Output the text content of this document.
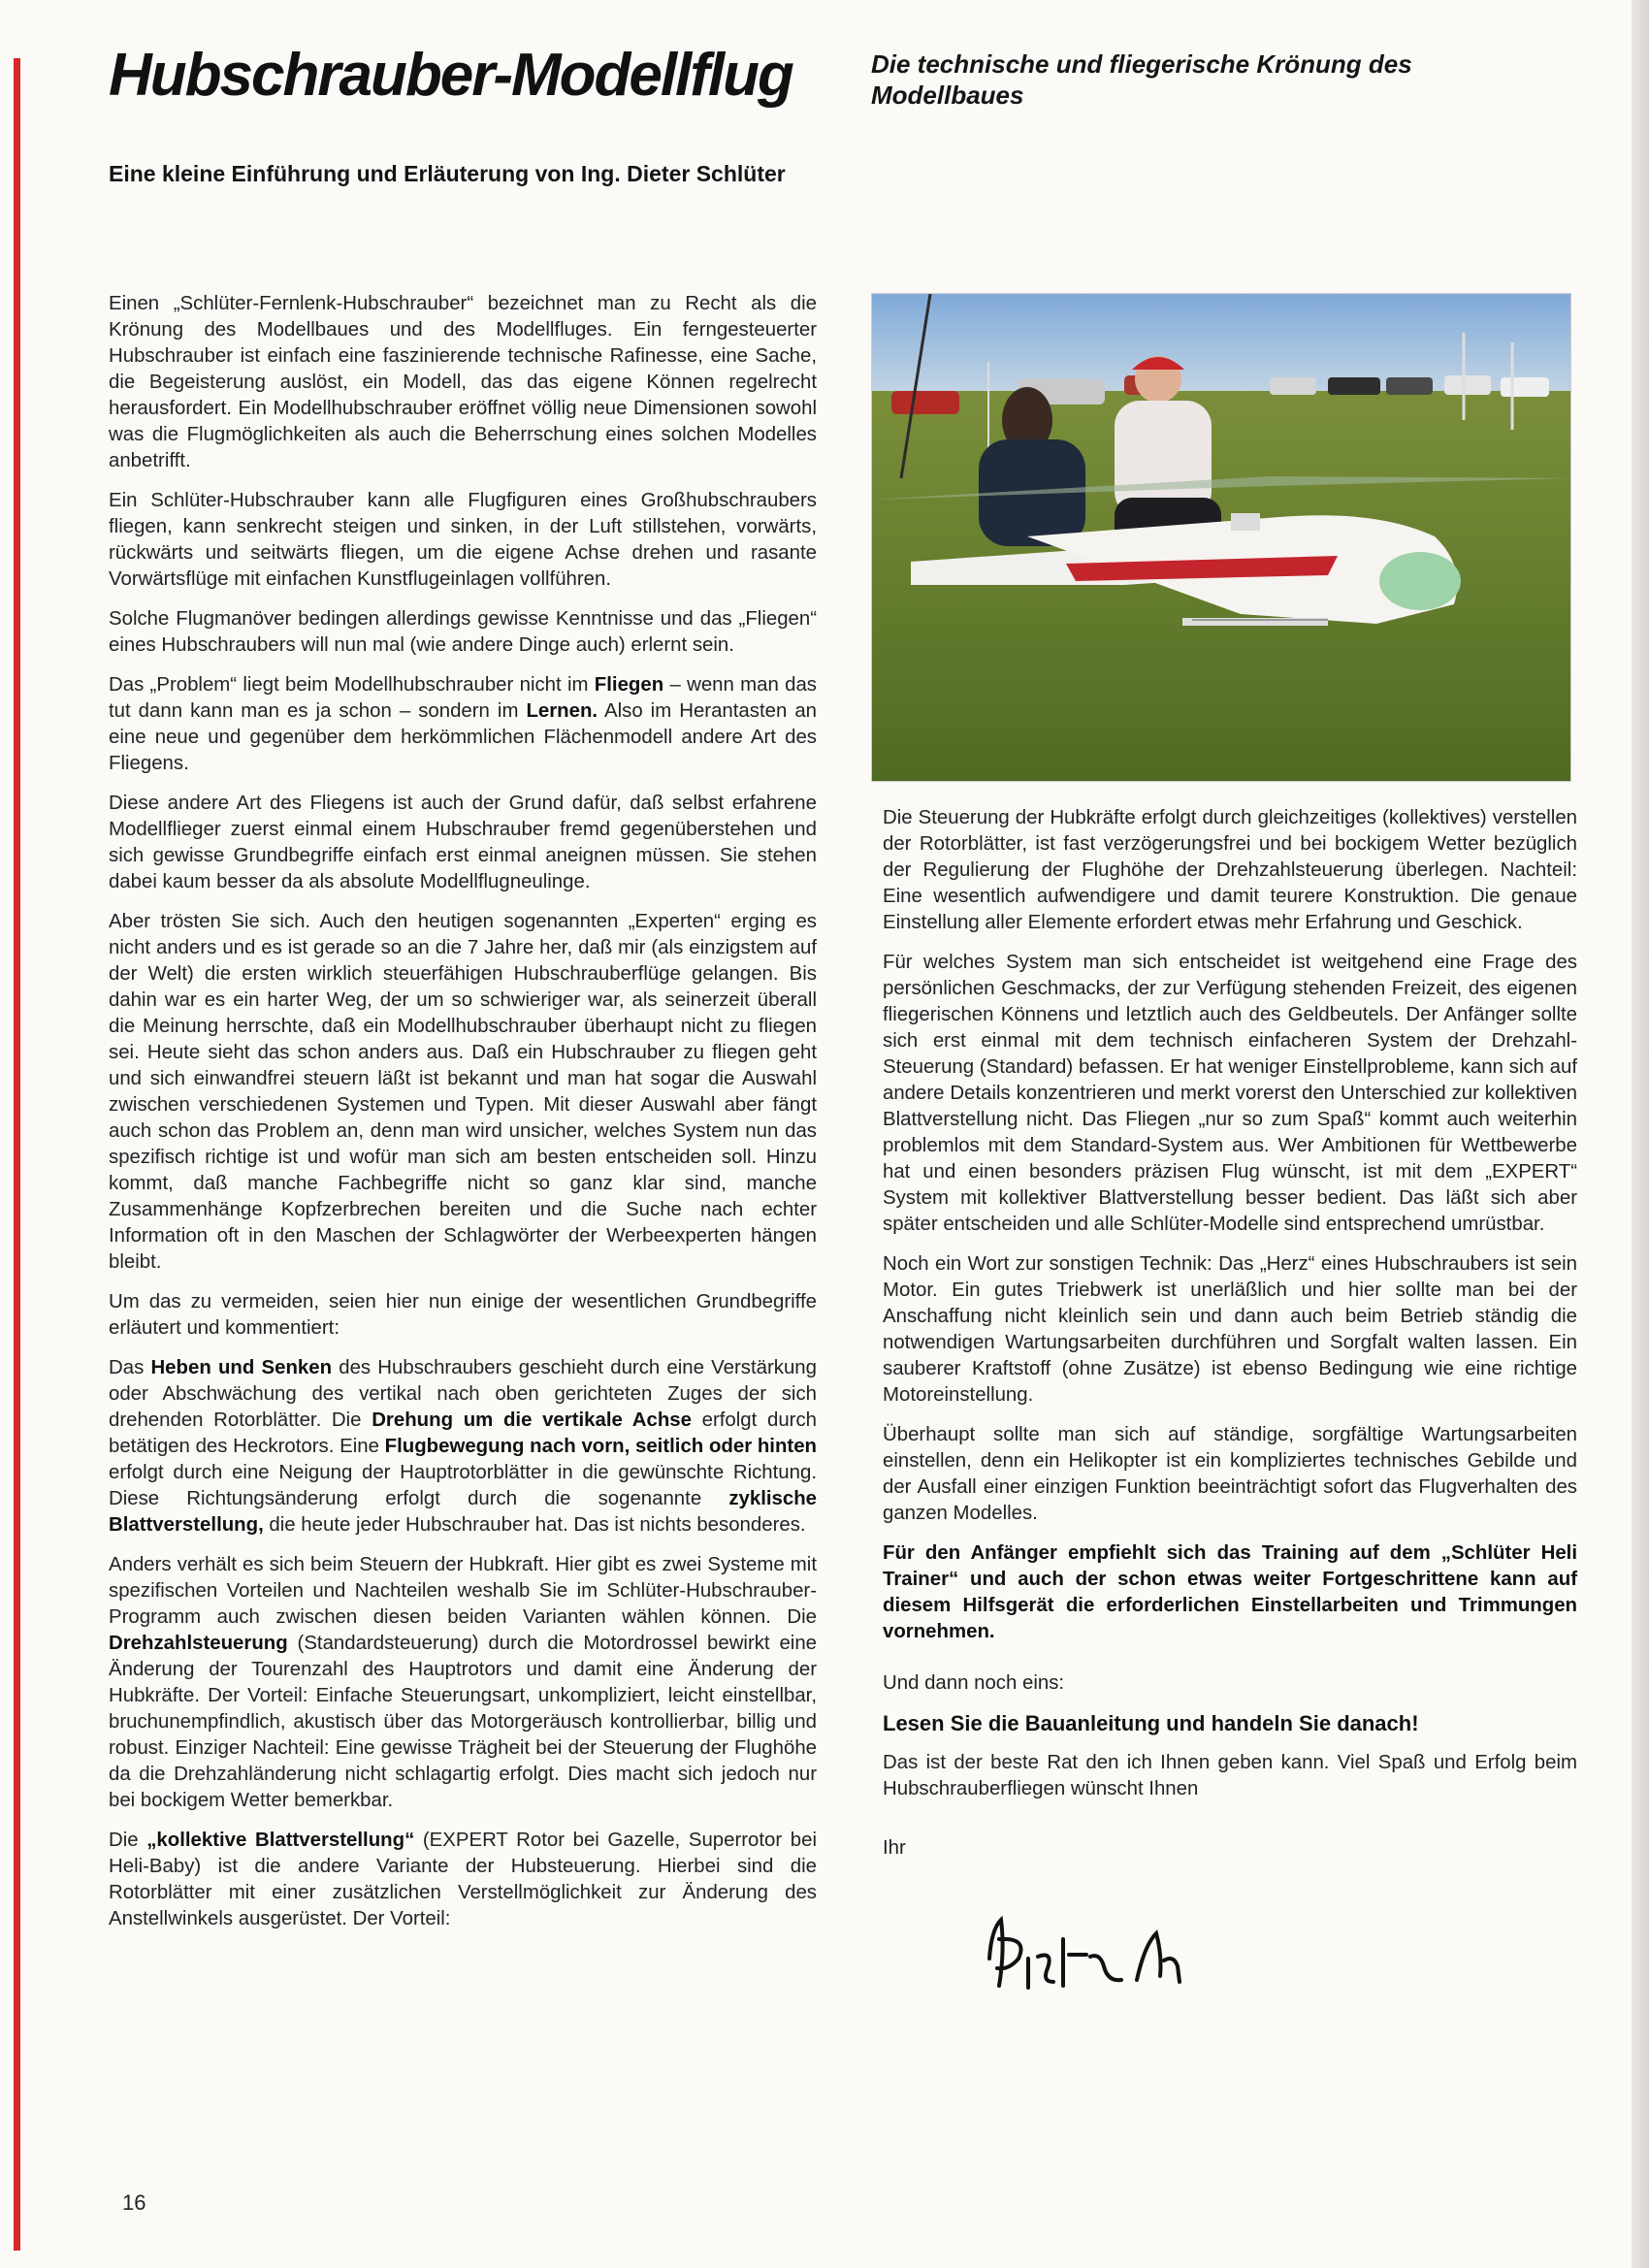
Hubschrauber-Modellflug	Die technische und fliegerische Krönung des Modellbaues
Eine kleine Einführung und Erläuterung von Ing. Dieter Schlüter

Einen „Schlüter-Fernlenk-Hubschrauber“ bezeichnet man zu Recht als die Krönung des Modellbaues und des Modellfluges. Ein ferngesteuerter Hubschrauber ist einfach eine faszinierende technische Rafinesse, eine Sache, die Begeisterung auslöst, ein Modell, das das eigene Können regelrecht herausfordert. Ein Modellhubschrauber eröffnet völlig neue Dimensionen sowohl was die Flugmöglichkeiten als auch die Beherrschung eines solchen Modelles anbetrifft.

Ein Schlüter-Hubschrauber kann alle Flugfiguren eines Großhubschraubers fliegen, kann senkrecht steigen und sinken, in der Luft stillstehen, vorwärts, rückwärts und seitwärts fliegen, um die eigene Achse drehen und rasante Vorwärtsflüge mit einfachen Kunstflugeinlagen vollführen.

Solche Flugmanöver bedingen allerdings gewisse Kenntnisse und das „Fliegen“ eines Hubschraubers will nun mal (wie andere Dinge auch) erlernt sein.

Das „Problem“ liegt beim Modellhubschrauber nicht im Fliegen – wenn man das tut dann kann man es ja schon – sondern im Lernen. Also im Herantasten an eine neue und gegenüber dem herkömmlichen Flächenmodell andere Art des Fliegens.

Diese andere Art des Fliegens ist auch der Grund dafür, daß selbst erfahrene Modellflieger zuerst einmal einem Hubschrauber fremd gegenüberstehen und sich gewisse Grundbegriffe einfach erst einmal aneignen müssen. Sie stehen dabei kaum besser da als absolute Modellflugneulinge.

Aber trösten Sie sich. Auch den heutigen sogenannten „Experten“ erging es nicht anders und es ist gerade so an die 7 Jahre her, daß mir (als einzigstem auf der Welt) die ersten wirklich steuerfähigen Hubschrauberflüge gelangen. Bis dahin war es ein harter Weg, der um so schwieriger war, als seinerzeit überall die Meinung herrschte, daß ein Modellhubschrauber überhaupt nicht zu fliegen sei. Heute sieht das schon anders aus. Daß ein Hubschrauber zu fliegen geht und sich einwandfrei steuern läßt ist bekannt und man hat sogar die Auswahl zwischen verschiedenen Systemen und Typen. Mit dieser Auswahl aber fängt auch schon das Problem an, denn man wird unsicher, welches System nun das spezifisch richtige ist und wofür man sich am besten entscheiden soll. Hinzu kommt, daß manche Fachbegriffe nicht so ganz klar sind, manche Zusammenhänge Kopfzerbrechen bereiten und die Suche nach echter Information oft in den Maschen der Schlagwörter der Werbeexperten hängen bleibt.

Um das zu vermeiden, seien hier nun einige der wesentlichen Grundbegriffe erläutert und kommentiert:

Das Heben und Senken des Hubschraubers geschieht durch eine Verstärkung oder Abschwächung des vertikal nach oben gerichteten Zuges der sich drehenden Rotorblätter. Die Drehung um die vertikale Achse erfolgt durch betätigen des Heckrotors. Eine Flugbewegung nach vorn, seitlich oder hinten erfolgt durch eine Neigung der Hauptrotorblätter in die gewünschte Richtung. Diese Richtungsänderung erfolgt durch die sogenannte zyklische Blattverstellung, die heute jeder Hubschrauber hat. Das ist nichts besonderes.

Anders verhält es sich beim Steuern der Hubkraft. Hier gibt es zwei Systeme mit spezifischen Vorteilen und Nachteilen weshalb Sie im Schlüter-Hubschrauber-Programm auch zwischen diesen beiden Varianten wählen können. Die Drehzahlsteuerung (Standardsteuerung) durch die Motordrossel bewirkt eine Änderung der Tourenzahl des Hauptrotors und damit eine Änderung der Hubkräfte. Der Vorteil: Einfache Steuerungsart, unkompliziert, leicht einstellbar, bruchunempfindlich, akustisch über das Motorgeräusch kontrollierbar, billig und robust. Einziger Nachteil: Eine gewisse Trägheit bei der Steuerung der Flughöhe da die Drehzahländerung nicht schlagartig erfolgt. Dies macht sich jedoch nur bei bockigem Wetter bemerkbar.

Die „kollektive Blattverstellung“ (EXPERT Rotor bei Gazelle, Superrotor bei Heli-Baby) ist die andere Variante der Hubsteuerung. Hierbei sind die Rotorblätter mit einer zusätzlichen Verstellmöglichkeit zur Änderung des Anstellwinkels ausgerüstet. Der Vorteil:

Die Steuerung der Hubkräfte erfolgt durch gleichzeitiges (kollektives) verstellen der Rotorblätter, ist fast verzögerungsfrei und bei bockigem Wetter bezüglich der Regulierung der Flughöhe der Drehzahlsteuerung überlegen. Nachteil: Eine wesentlich aufwendigere und damit teurere Konstruktion. Die genaue Einstellung aller Elemente erfordert etwas mehr Erfahrung und Geschick.

Für welches System man sich entscheidet ist weitgehend eine Frage des persönlichen Geschmacks, der zur Verfügung stehenden Freizeit, des eigenen fliegerischen Könnens und letztlich auch des Geldbeutels. Der Anfänger sollte sich erst einmal mit dem technisch einfacheren System der Drehzahl-Steuerung (Standard) befassen. Er hat weniger Einstellprobleme, kann sich auf andere Details konzentrieren und merkt vorerst den Unterschied zur kollektiven Blattverstellung nicht. Das Fliegen „nur so zum Spaß“ kommt auch weiterhin problemlos mit dem Standard-System aus. Wer Ambitionen für Wettbewerbe hat und einen besonders präzisen Flug wünscht, ist mit dem „EXPERT“ System mit kollektiver Blattverstellung besser bedient. Das läßt sich aber später entscheiden und alle Schlüter-Modelle sind entsprechend umrüstbar.

Noch ein Wort zur sonstigen Technik: Das „Herz“ eines Hubschraubers ist sein Motor. Ein gutes Triebwerk ist unerläßlich und hier sollte man bei der Anschaffung nicht kleinlich sein und dann auch beim Betrieb ständig die notwendigen Wartungsarbeiten durchführen und Sorgfalt walten lassen. Ein sauberer Kraftstoff (ohne Zusätze) ist ebenso Bedingung wie eine richtige Motoreinstellung.

Überhaupt sollte man sich auf ständige, sorgfältige Wartungsarbeiten einstellen, denn ein Helikopter ist ein kompliziertes technisches Gebilde und der Ausfall einer einzigen Funktion beeinträchtigt sofort das Flugverhalten des ganzen Modelles.

Für den Anfänger empfiehlt sich das Training auf dem „Schlüter Heli Trainer“ und auch der schon etwas weiter Fortgeschrittene kann auf diesem Hilfsgerät die erforderlichen Einstellarbeiten und Trimmungen vornehmen.

Und dann noch eins:

Lesen Sie die Bauanleitung und handeln Sie danach!

Das ist der beste Rat den ich Ihnen geben kann. Viel Spaß und Erfolg beim Hubschrauberfliegen wünscht Ihnen

Ihr

16
